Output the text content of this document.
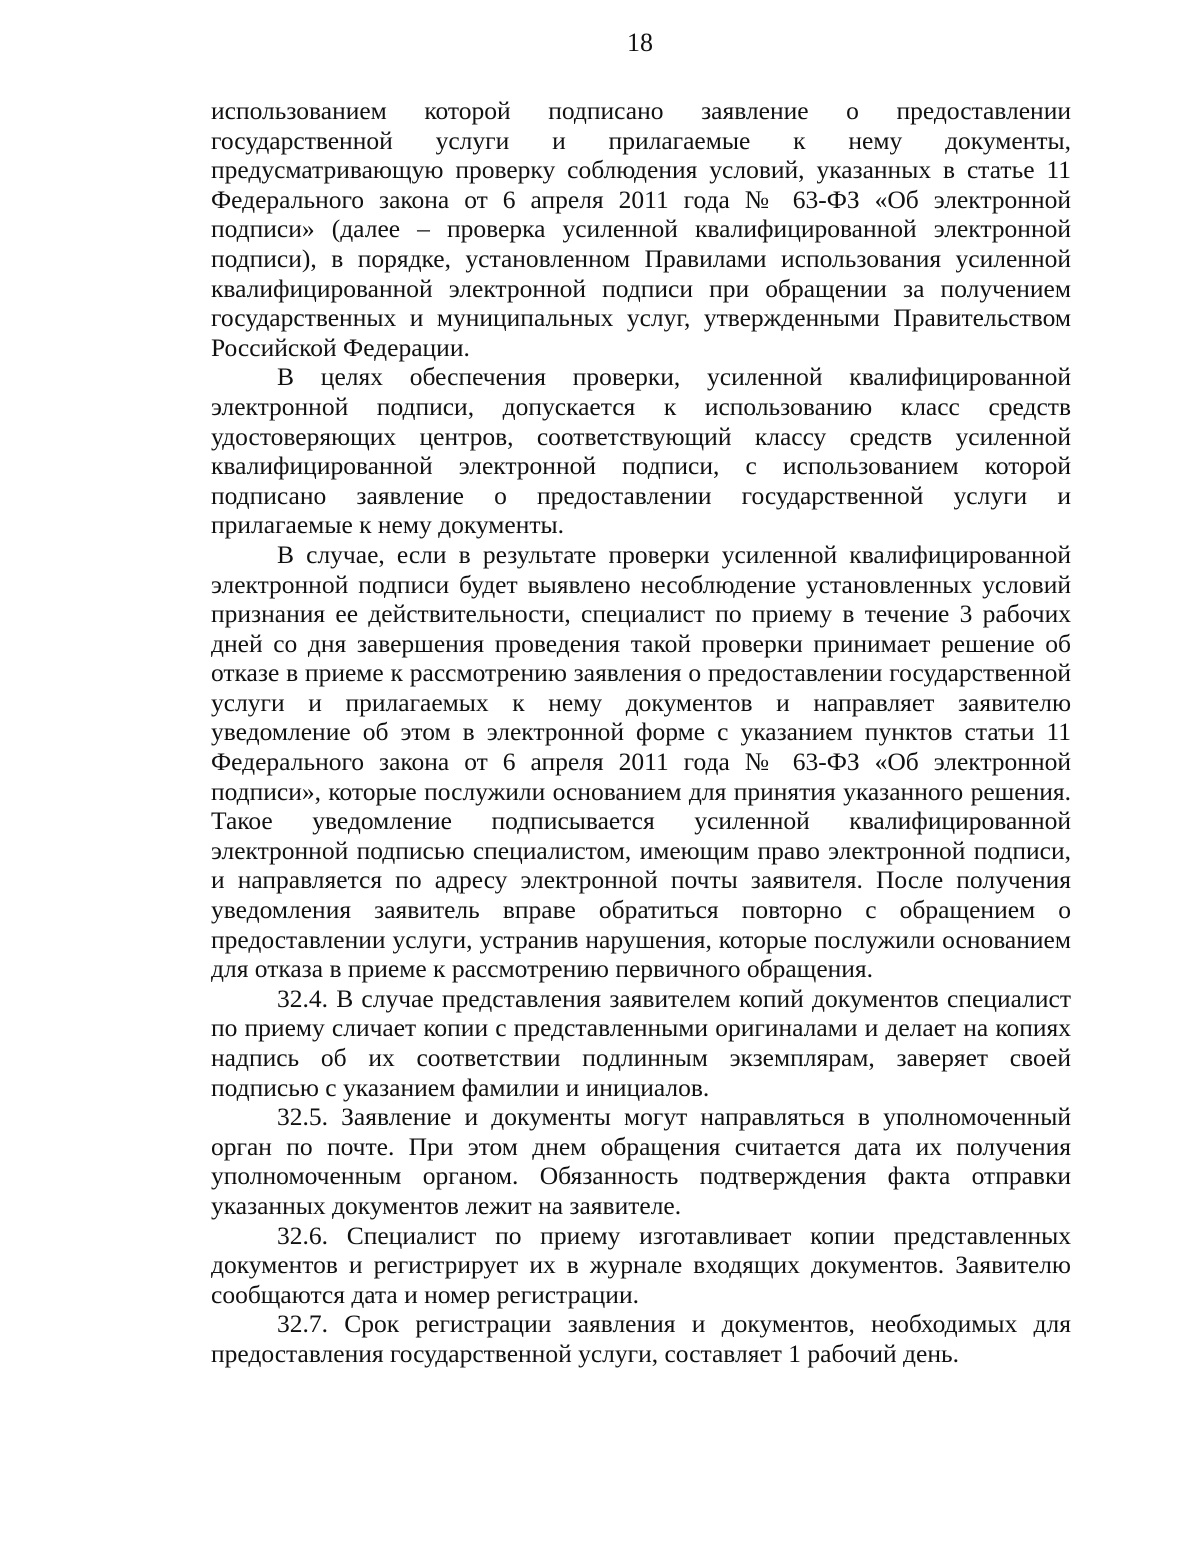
18

использованием которой подписано заявление о предоставлении государственной услуги и прилагаемые к нему документы, предусматривающую проверку соблюдения условий, указанных в статье 11 Федерального закона от 6 апреля 2011 года № 63-ФЗ «Об электронной подписи» (далее – проверка усиленной квалифицированной электронной подписи), в порядке, установленном Правилами использования усиленной квалифицированной электронной подписи при обращении за получением государственных и муниципальных услуг, утвержденными Правительством Российской Федерации.

В целях обеспечения проверки, усиленной квалифицированной электронной подписи, допускается к использованию класс средств удостоверяющих центров, соответствующий классу средств усиленной квалифицированной электронной подписи, с использованием которой подписано заявление о предоставлении государственной услуги и прилагаемые к нему документы.

В случае, если в результате проверки усиленной квалифицированной электронной подписи будет выявлено несоблюдение установленных условий признания ее действительности, специалист по приему в течение 3 рабочих дней со дня завершения проведения такой проверки принимает решение об отказе в приеме к рассмотрению заявления о предоставлении государственной услуги и прилагаемых к нему документов и направляет заявителю уведомление об этом в электронной форме с указанием пунктов статьи 11 Федерального закона от 6 апреля 2011 года № 63-ФЗ «Об электронной подписи», которые послужили основанием для принятия указанного решения. Такое уведомление подписывается усиленной квалифицированной электронной подписью специалистом, имеющим право электронной подписи, и направляется по адресу электронной почты заявителя. После получения уведомления заявитель вправе обратиться повторно с обращением о предоставлении услуги, устранив нарушения, которые послужили основанием для отказа в приеме к рассмотрению первичного обращения.

32.4. В случае представления заявителем копий документов специалист по приему сличает копии с представленными оригиналами и делает на копиях надпись об их соответствии подлинным экземплярам, заверяет своей подписью с указанием фамилии и инициалов.

32.5. Заявление и документы могут направляться в уполномоченный орган по почте. При этом днем обращения считается дата их получения уполномоченным органом. Обязанность подтверждения факта отправки указанных документов лежит на заявителе.

32.6. Специалист по приему изготавливает копии представленных документов и регистрирует их в журнале входящих документов. Заявителю сообщаются дата и номер регистрации.

32.7. Срок регистрации заявления и документов, необходимых для предоставления государственной услуги, составляет 1 рабочий день.
